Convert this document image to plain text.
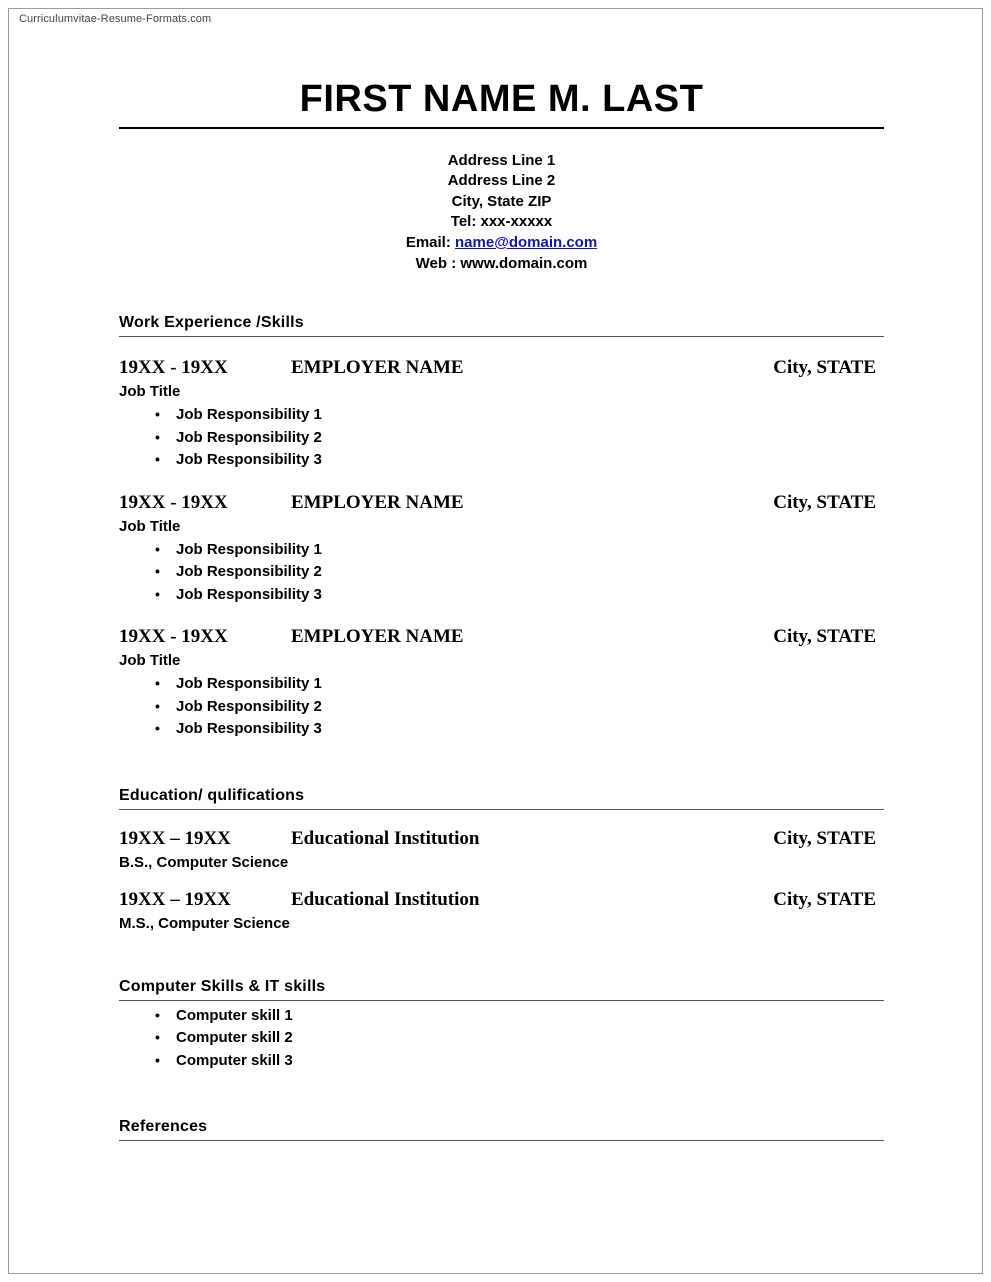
Curriculumvitae-Resume-Formats.com
FIRST NAME M. LAST
Address Line 1
Address Line 2
City, State ZIP
Tel: xxx-xxxxx
Email: name@domain.com
Web : www.domain.com
Work Experience /Skills
19XX - 19XX	EMPLOYER NAME	City, STATE
Job Title
• Job Responsibility 1
• Job Responsibility 2
• Job Responsibility 3
19XX - 19XX	EMPLOYER NAME	City, STATE
Job Title
• Job Responsibility 1
• Job Responsibility 2
• Job Responsibility 3
19XX - 19XX	EMPLOYER NAME	City, STATE
Job Title
• Job Responsibility 1
• Job Responsibility 2
• Job Responsibility 3
Education/ qulifications
19XX – 19XX	Educational Institution	City, STATE
B.S., Computer Science
19XX – 19XX	Educational Institution	City, STATE
M.S., Computer Science
Computer Skills & IT skills
• Computer skill 1
• Computer skill 2
• Computer skill 3
References
